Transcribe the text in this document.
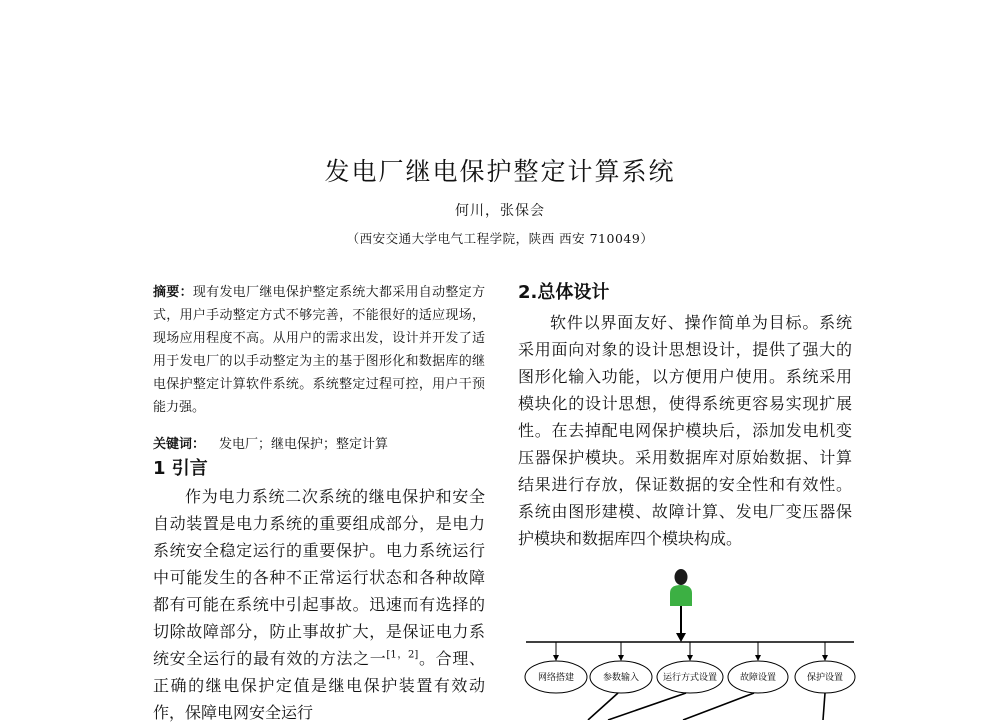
发电厂继电保护整定计算系统
何川，张保会
（西安交通大学电气工程学院，陕西 西安 710049）

摘要：现有发电厂继电保护整定系统大都采用自动整定方式，用户手动整定方式不够完善，不能很好的适应现场，现场应用程度不高。从用户的需求出发，设计并开发了适用于发电厂的以手动整定为主的基于图形化和数据库的继电保护整定计算软件系统。系统整定过程可控，用户干预能力强。

关键词： 发电厂；继电保护；整定计算

1 引言

作为电力系统二次系统的继电保护和安全自动装置是电力系统的重要组成部分，是电力系统安全稳定运行的重要保护。电力系统运行中可能发生的各种不正常运行状态和各种故障都有可能在系统中引起事故。迅速而有选择的切除故障部分，防止事故扩大，是保证电力系统安全运行的最有效的方法之一[1，2]。合理、正确的继电保护定值是继电保护装置有效动作，保障电网安全运行

2.总体设计

软件以界面友好、操作简单为目标。系统采用面向对象的设计思想设计，提供了强大的图形化输入功能，以方便用户使用。系统采用模块化的设计思想，使得系统更容易实现扩展性。在去掉配电网保护模块后，添加发电机变压器保护模块。采用数据库对原始数据、计算结果进行存放，保证数据的安全性和有效性。系统由图形建模、故障计算、发电厂变压器保护模块和数据库四个模块构成。

网络搭建	参数输入	运行方式设置	故障设置	保护设置
